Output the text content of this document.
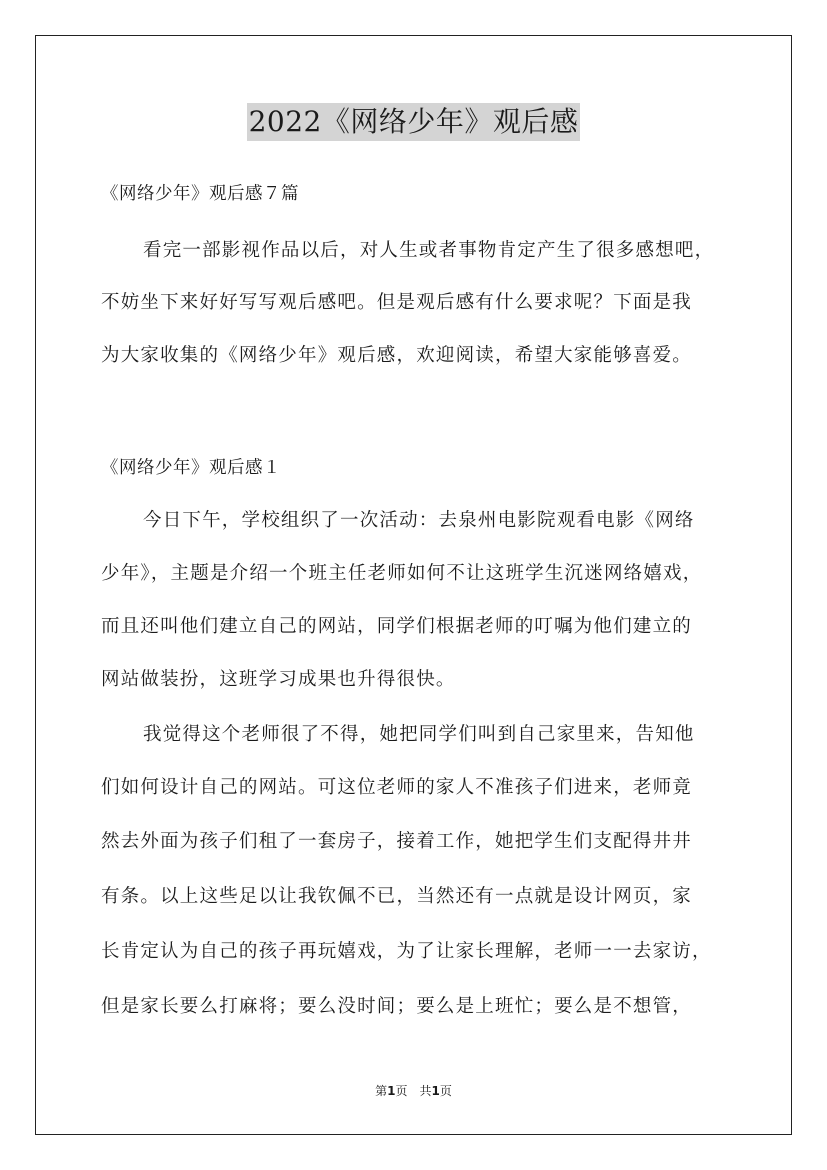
2022《网络少年》观后感
《网络少年》观后感７篇
看完一部影视作品以后，对人生或者事物肯定产生了很多感想吧，
不妨坐下来好好写写观后感吧。但是观后感有什么要求呢？下面是我
为大家收集的《网络少年》观后感，欢迎阅读，希望大家能够喜爱。
《网络少年》观后感１
今日下午，学校组织了一次活动：去泉州电影院观看电影《网络
少年》，主题是介绍一个班主任老师如何不让这班学生沉迷网络嬉戏，
而且还叫他们建立自己的网站，同学们根据老师的叮嘱为他们建立的
网站做装扮，这班学习成果也升得很快。
我觉得这个老师很了不得，她把同学们叫到自己家里来，告知他
们如何设计自己的网站。可这位老师的家人不准孩子们进来，老师竟
然去外面为孩子们租了一套房子，接着工作，她把学生们支配得井井
有条。以上这些足以让我钦佩不已，当然还有一点就是设计网页，家
长肯定认为自己的孩子再玩嬉戏，为了让家长理解，老师一一去家访，
但是家长要么打麻将；要么没时间；要么是上班忙；要么是不想管，
第1页　共1页
